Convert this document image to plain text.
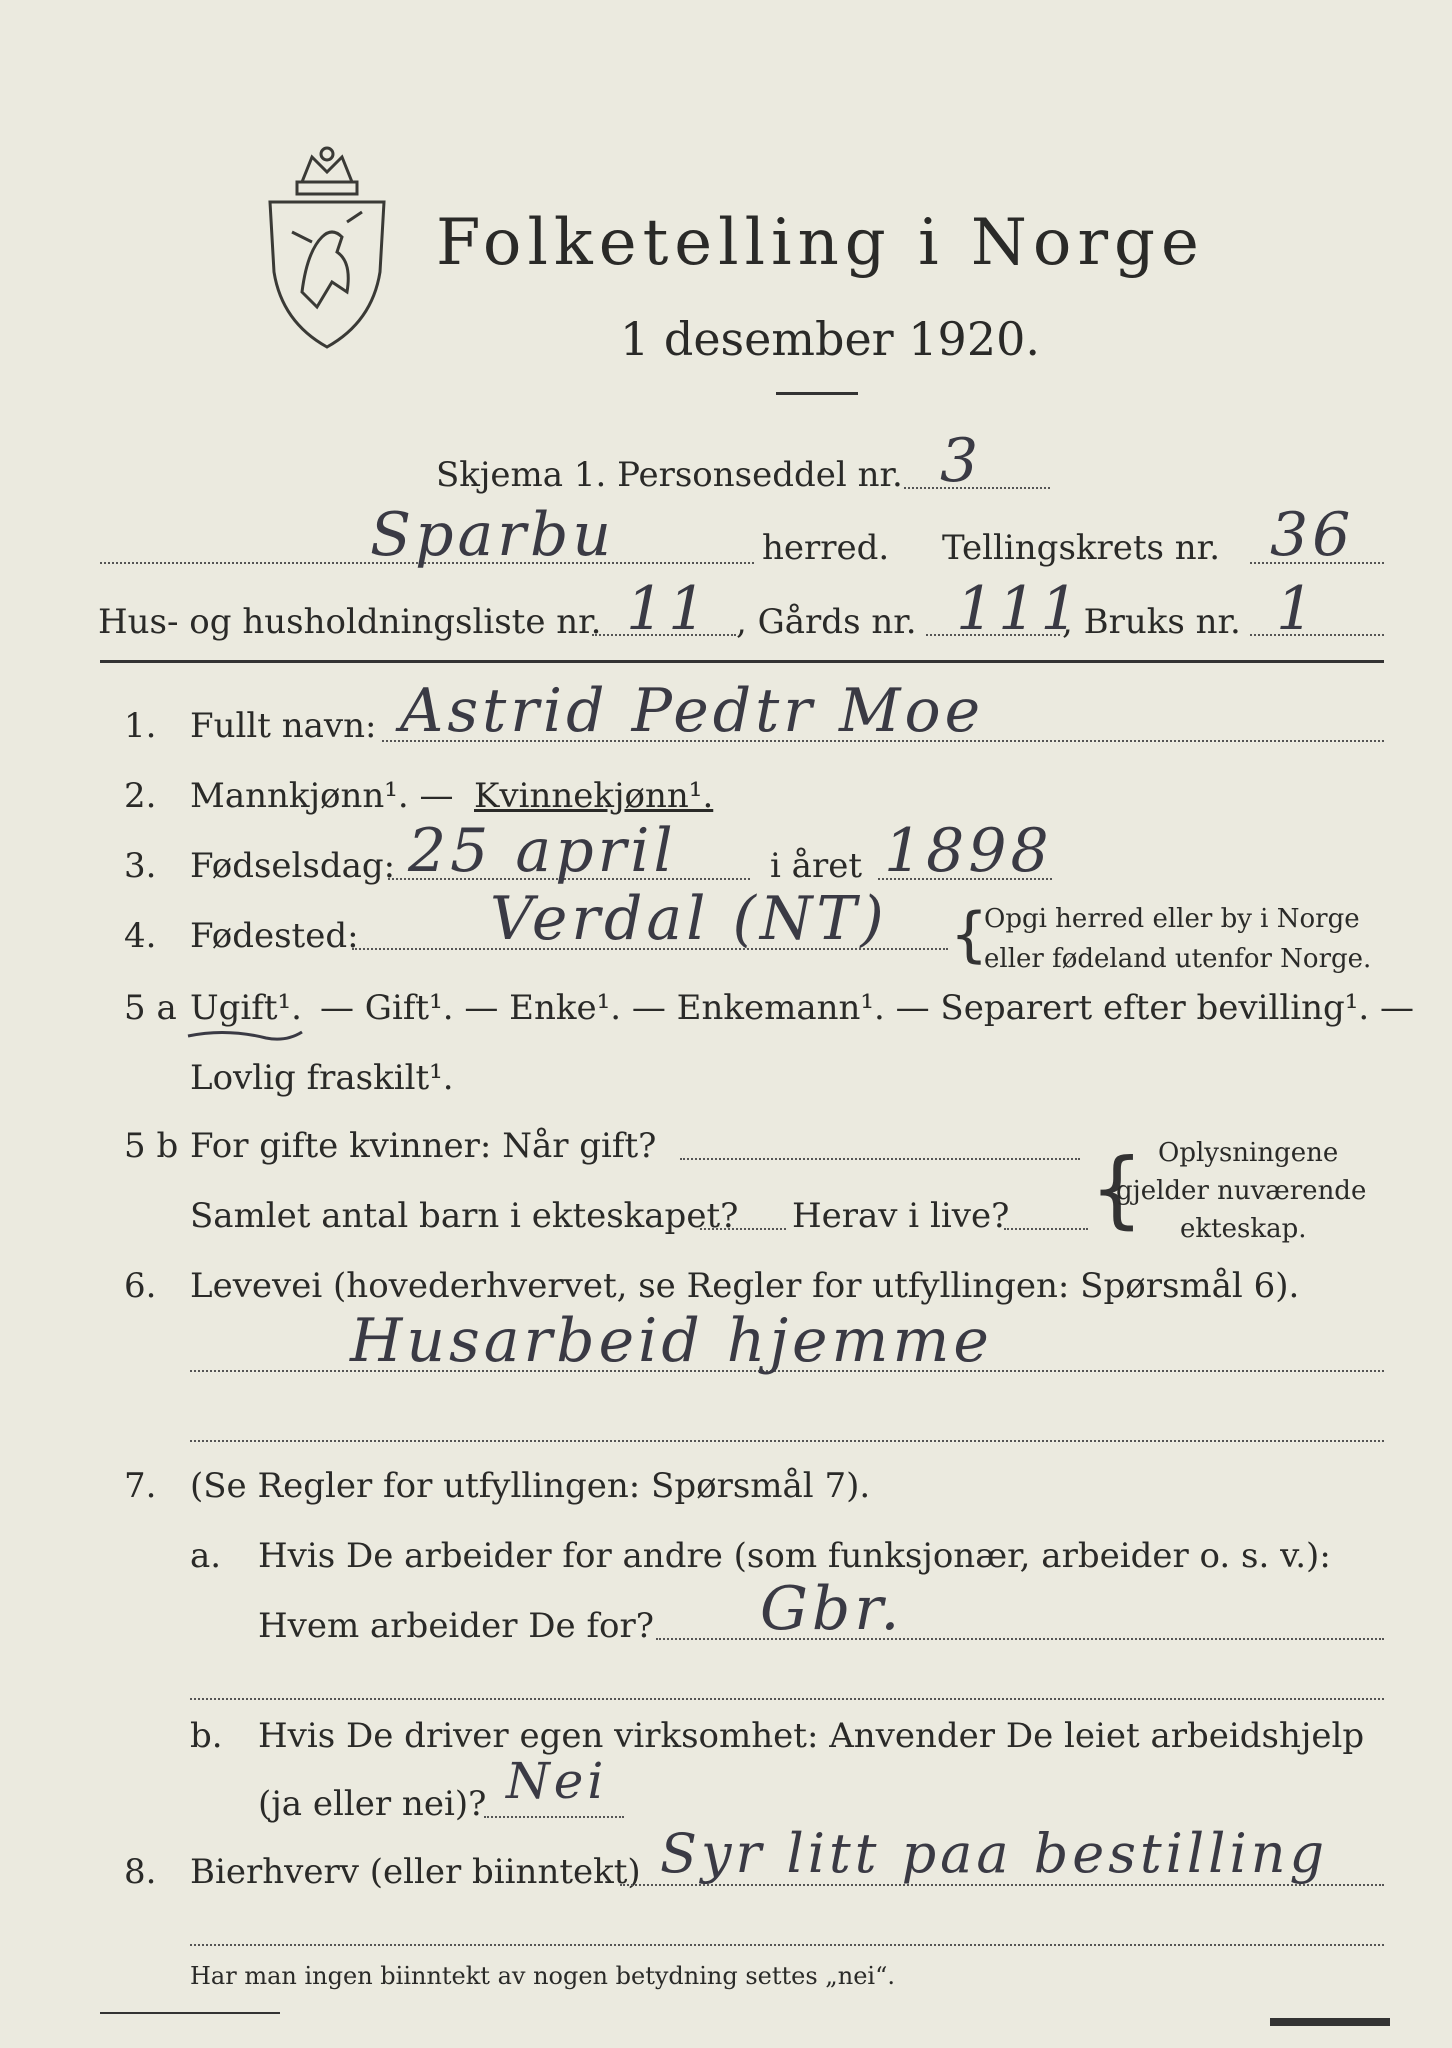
Folketelling i Norge
1 desember 1920.
Skjema 1. Personseddel nr. 3
Sparbu	herred. Tellingskrets nr. 36
Hus- og husholdningsliste nr. 11 , Gårds nr. 111
, Bruks nr. 1
1. Fullt navn: Astrid Pedtr Moe
2. Mannkjønn¹. — Kvinnekjønn¹.
3. Fødselsdag: 25 april	i året 1898
4. Fødested: Verdal (NT) {
Opgi herred eller by i Norge
eller fødeland utenfor Norge.
5 a Ugift¹. — Gift¹. — Enke¹. — Enkemann¹. — Separert efter bevilling¹. —
Lovlig fraskilt¹.
5 b For gifte kvinner: Når gift?
Samlet antal barn i ekteskapet? Herav i live? { Oplysningene
gjelder nuværende
ekteskap.
6. Levevei (hovederhvervet, se Regler for utfyllingen: Spørsmål 6).
Husarbeid hjemme
7. (Se Regler for utfyllingen: Spørsmål 7).
a. Hvis De arbeider for andre (som funksjonær, arbeider o. s. v.):
Hvem arbeider De for? Gbr.
b. Hvis De driver egen virksomhet: Anvender De leiet arbeidshjelp
(ja eller nei)? Nei
8. Bierhverv (eller biinntekt) Syr litt paa bestilling
Har man ingen biinntekt av nogen betydning settes „nei“.
